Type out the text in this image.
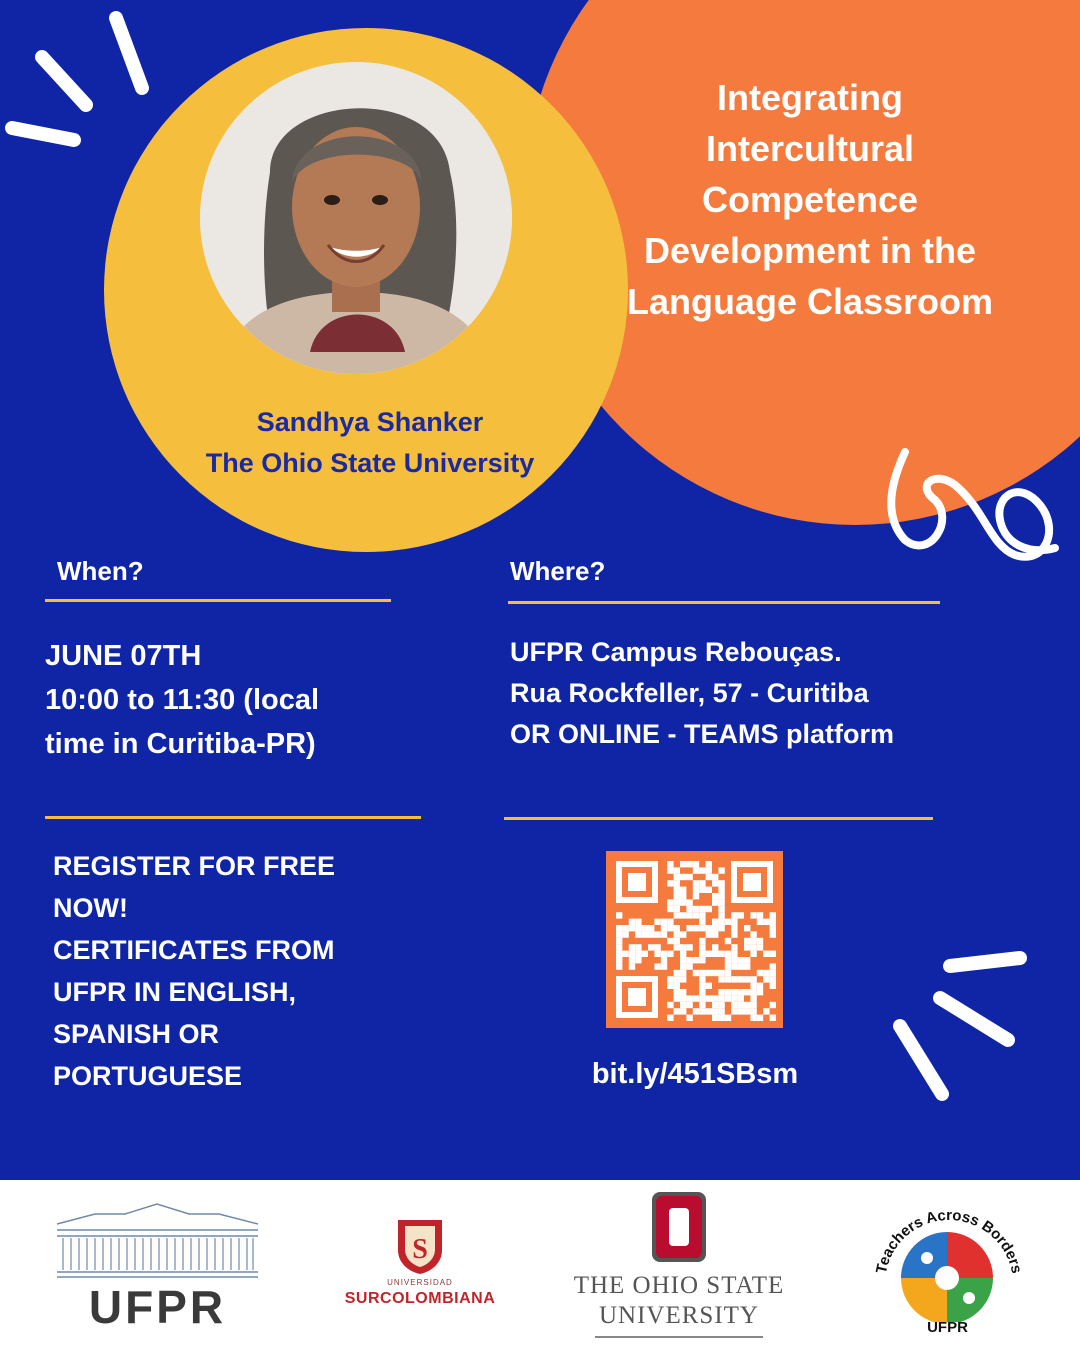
Integrating
Intercultural
Competence
Development in the
Language Classroom
Sandhya Shanker
The Ohio State University
When?	Where?
JUNE 07TH
10:00 to 11:30 (local
time in Curitiba-PR)
UFPR Campus Rebouças.
Rua Rockfeller, 57 - Curitiba
OR ONLINE - TEAMS platform
REGISTER FOR FREE
NOW!
CERTIFICATES FROM
UFPR IN ENGLISH,
SPANISH OR
PORTUGUESE	bit.ly/451SBsm
UFPR
S
UNIVERSIDAD
SURCOLOMBIANA	THE OHIO STATE
UNIVERSITY
Teachers Across Borders
UFPR
